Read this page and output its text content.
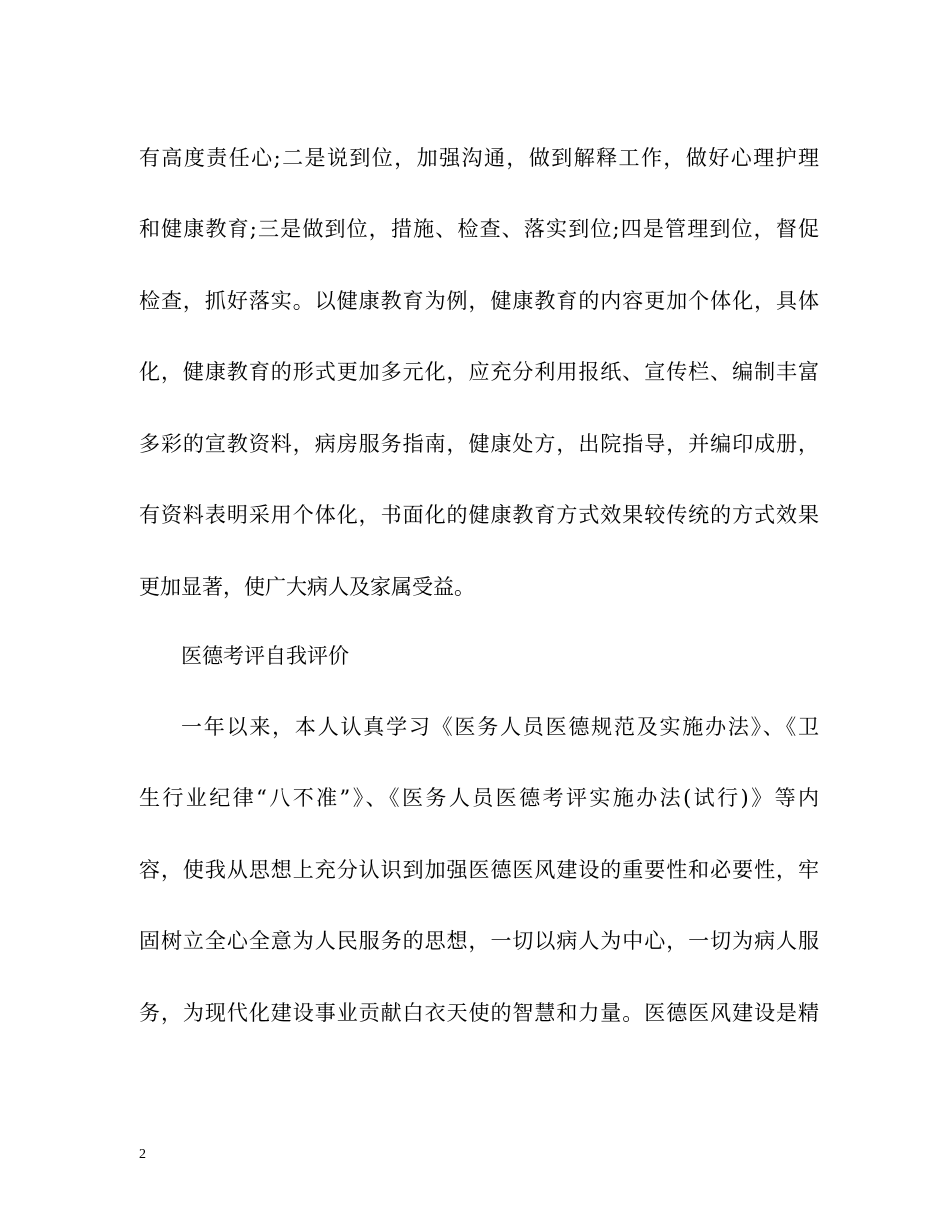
有高度责任心;二是说到位，加强沟通，做到解释工作，做好心理护理
和健康教育;三是做到位，措施、检查、落实到位;四是管理到位，督促
检查，抓好落实。以健康教育为例，健康教育的内容更加个体化，具体
化，健康教育的形式更加多元化，应充分利用报纸、宣传栏、编制丰富
多彩的宣教资料，病房服务指南，健康处方，出院指导，并编印成册，
有资料表明采用个体化，书面化的健康教育方式效果较传统的方式效果
更加显著，使广大病人及家属受益。
医德考评自我评价
一年以来，本人认真学习《医务人员医德规范及实施办法》、《卫
生行业纪律“八不准”》、《医务人员医德考评实施办法(试行)》等内
容，使我从思想上充分认识到加强医德医风建设的重要性和必要性，牢
固树立全心全意为人民服务的思想，一切以病人为中心，一切为病人服
务，为现代化建设事业贡献白衣天使的智慧和力量。医德医风建设是精
2
